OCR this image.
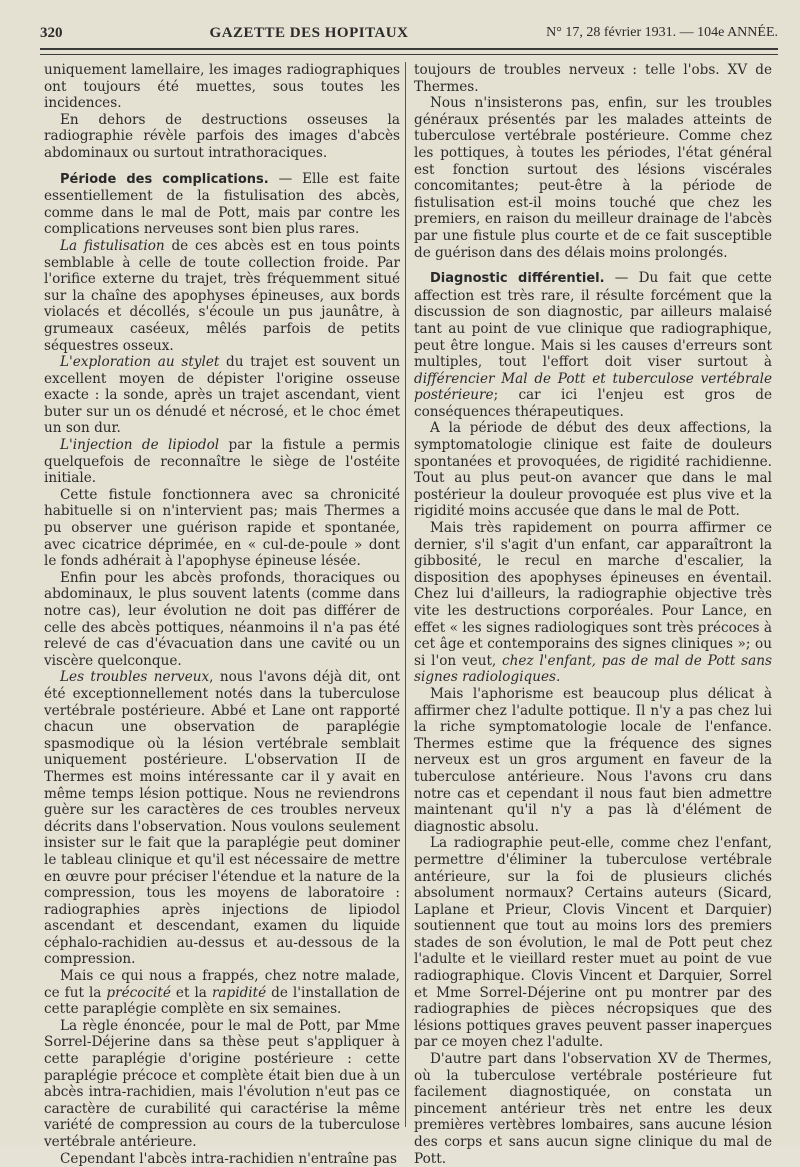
320	GAZETTE DES HOPITAUX	N° 17, 28 février 1931. — 104e ANNÉE.

uniquement lamellaire, les images radiographiques ont toujours été muettes, sous toutes les incidences.

En dehors de destructions osseuses la radiographie révèle parfois des images d'abcès abdominaux ou surtout intrathoraciques.

Période des complications. — Elle est faite essentiellement de la fistulisation des abcès, comme dans le mal de Pott, mais par contre les complications nerveuses sont bien plus rares.

La fistulisation de ces abcès est en tous points semblable à celle de toute collection froide. Par l'orifice externe du trajet, très fréquemment situé sur la chaîne des apophyses épineuses, aux bords violacés et décollés, s'écoule un pus jaunâtre, à grumeaux caséeux, mêlés parfois de petits séquestres osseux.

L'exploration au stylet du trajet est souvent un excellent moyen de dépister l'origine osseuse exacte : la sonde, après un trajet ascendant, vient buter sur un os dénudé et nécrosé, et le choc émet un son dur.

L'injection de lipiodol par la fistule a permis quelquefois de reconnaître le siège de l'ostéite initiale.

Cette fistule fonctionnera avec sa chronicité habituelle si on n'intervient pas; mais Thermes a pu observer une guérison rapide et spontanée, avec cicatrice déprimée, en « cul-de-poule » dont le fonds adhérait à l'apophyse épineuse lésée.

Enfin pour les abcès profonds, thoraciques ou abdominaux, le plus souvent latents (comme dans notre cas), leur évolution ne doit pas différer de celle des abcès pottiques, néanmoins il n'a pas été relevé de cas d'évacuation dans une cavité ou un viscère quelconque.

Les troubles nerveux, nous l'avons déjà dit, ont été exceptionnellement notés dans la tuberculose vertébrale postérieure. Abbé et Lane ont rapporté chacun une observation de paraplégie spasmodique où la lésion vertébrale semblait uniquement postérieure. L'observation II de Thermes est moins intéressante car il y avait en même temps lésion pottique. Nous ne reviendrons guère sur les caractères de ces troubles nerveux décrits dans l'observation. Nous voulons seulement insister sur le fait que la paraplégie peut dominer le tableau clinique et qu'il est nécessaire de mettre en œuvre pour préciser l'étendue et la nature de la compression, tous les moyens de laboratoire : radiographies après injections de lipiodol ascendant et descendant, examen du liquide céphalo-rachidien au-dessus et au-dessous de la compression.

Mais ce qui nous a frappés, chez notre malade, ce fut la précocité et la rapidité de l'installation de cette paraplégie complète en six semaines.

La règle énoncée, pour le mal de Pott, par Mme Sorrel-Déjerine dans sa thèse peut s'appliquer à cette paraplégie d'origine postérieure : cette paraplégie précoce et complète était bien due à un abcès intra-rachidien, mais l'évolution n'eut pas ce caractère de curabilité qui caractérise la même variété de compression au cours de la tuberculose vertébrale antérieure.

Cependant l'abcès intra-rachidien n'entraîne pas

toujours de troubles nerveux : telle l'obs. XV de Thermes.

Nous n'insisterons pas, enfin, sur les troubles généraux présentés par les malades atteints de tuberculose vertébrale postérieure. Comme chez les pottiques, à toutes les périodes, l'état général est fonction surtout des lésions viscérales concomitantes; peut-être à la période de fistulisation est-il moins touché que chez les premiers, en raison du meilleur drainage de l'abcès par une fistule plus courte et de ce fait susceptible de guérison dans des délais moins prolongés.

Diagnostic différentiel. — Du fait que cette affection est très rare, il résulte forcément que la discussion de son diagnostic, par ailleurs malaisé tant au point de vue clinique que radiographique, peut être longue. Mais si les causes d'erreurs sont multiples, tout l'effort doit viser surtout à différencier Mal de Pott et tuberculose vertébrale postérieure; car ici l'enjeu est gros de conséquences thérapeutiques.

A la période de début des deux affections, la symptomatologie clinique est faite de douleurs spontanées et provoquées, de rigidité rachidienne. Tout au plus peut-on avancer que dans le mal postérieur la douleur provoquée est plus vive et la rigidité moins accusée que dans le mal de Pott.

Mais très rapidement on pourra affirmer ce dernier, s'il s'agit d'un enfant, car apparaîtront la gibbosité, le recul en marche d'escalier, la disposition des apophyses épineuses en éventail. Chez lui d'ailleurs, la radiographie objective très vite les destructions corporéales. Pour Lance, en effet « les signes radiologiques sont très précoces à cet âge et contemporains des signes cliniques »; ou si l'on veut, chez l'enfant, pas de mal de Pott sans signes radiologiques.

Mais l'aphorisme est beaucoup plus délicat à affirmer chez l'adulte pottique. Il n'y a pas chez lui la riche symptomatologie locale de l'enfance. Thermes estime que la fréquence des signes nerveux est un gros argument en faveur de la tuberculose antérieure. Nous l'avons cru dans notre cas et cependant il nous faut bien admettre maintenant qu'il n'y a pas là d'élément de diagnostic absolu.

La radiographie peut-elle, comme chez l'enfant, permettre d'éliminer la tuberculose vertébrale antérieure, sur la foi de plusieurs clichés absolument normaux? Certains auteurs (Sicard, Laplane et Prieur, Clovis Vincent et Darquier) soutiennent que tout au moins lors des premiers stades de son évolution, le mal de Pott peut chez l'adulte et le vieillard rester muet au point de vue radiographique. Clovis Vincent et Darquier, Sorrel et Mme Sorrel-Déjerine ont pu montrer par des radiographies de pièces nécropsiques que des lésions pottiques graves peuvent passer inaperçues par ce moyen chez l'adulte.

D'autre part dans l'observation XV de Thermes, où la tuberculose vertébrale postérieure fut facilement diagnostiquée, on constata un pincement antérieur très net entre les deux premières vertèbres lombaires, sans aucune lésion des corps et sans aucun signe clinique du mal de Pott.
